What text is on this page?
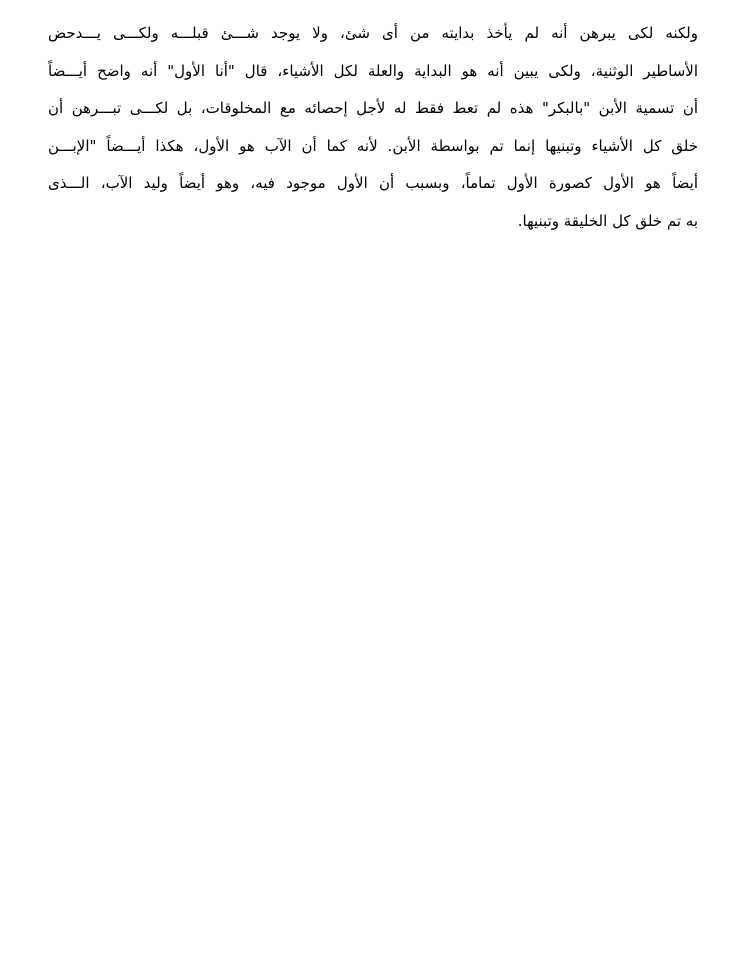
ولكنه لكى يبرهن أنه لم يأخذ بدايته من أى شئ، ولا يوجد شـــئ قبلـــه ولكـــى يـــدحض
الأساطير الوثنية، ولكى يبين أنه هو البداية والعلة لكل الأشياء، قال "أنا الأول" أنه واضح أيـــضاً
أن تسمية الأبن "بالبكر" هذه لم تعط فقط له لأجل إحصائه مع المخلوقات، بل لكـــى تبـــرهن أن
خلق كل الأشياء وتبنيها إنما تم بواسطة الأبن. لأنه كما أن الآب هو الأول، هكذا أيـــضاً "الإبـــن
أيضاً هو الأول كصورة الأول تماماً، وبسبب أن الأول موجود فيه، وهو أيضاً وليد الآب، الـــذى
به تم خلق كل الخليقة وتبنيها.
